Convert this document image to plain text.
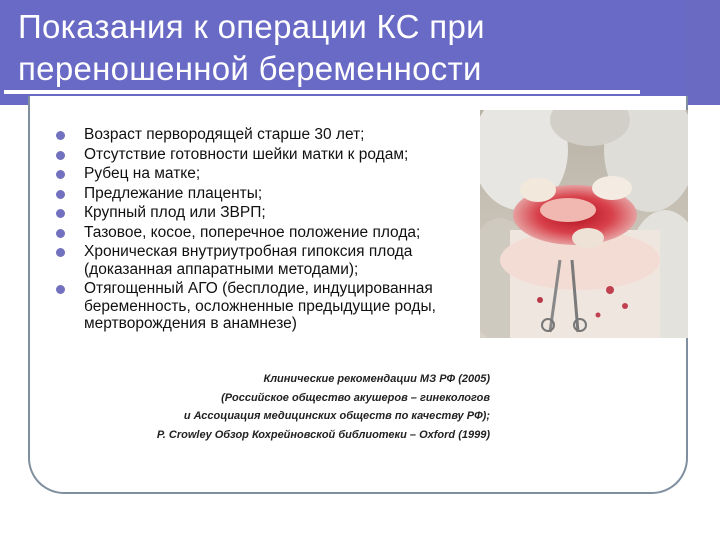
Показания к операции КС при
переношенной беременности
Возраст первородящей старше 30 лет;
Отсутствие готовности шейки матки к родам;
Рубец на матке;
Предлежание плаценты;
Крупный плод или ЗВРП;
Тазовое, косое, поперечное положение плода;
Хроническая внутриутробная гипоксия плода (доказанная аппаратными методами);
Отягощенный АГО (бесплодие, индуцированная беременность, осложненные предыдущие роды, мертворождения в анамнезе)
Клинические рекомендации МЗ РФ (2005)
(Российское общество акушеров – гинекологов
и Ассоциация медицинских обществ по качеству РФ);
P. Crowley Обзор Кохрейновской библиотеки – Oxford (1999)
